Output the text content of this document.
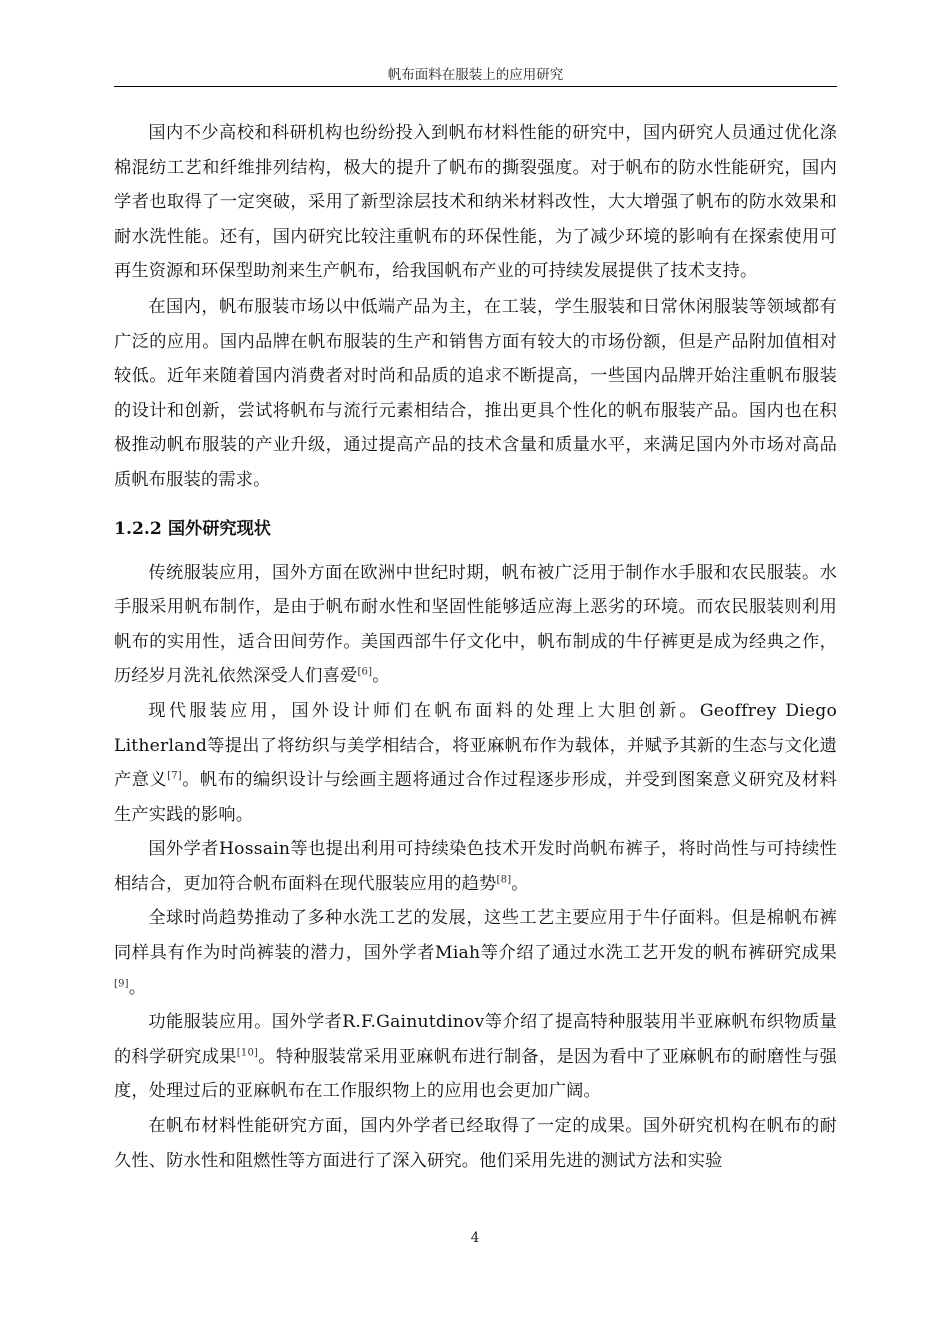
帆布面料在服装上的应用研究

国内不少高校和科研机构也纷纷投入到帆布材料性能的研究中，国内研究人员通过优化涤棉混纺工艺和纤维排列结构，极大的提升了帆布的撕裂强度。对于帆布的防水性能研究，国内学者也取得了一定突破，采用了新型涂层技术和纳米材料改性，大大增强了帆布的防水效果和耐水洗性能。还有，国内研究比较注重帆布的环保性能，为了减少环境的影响有在探索使用可再生资源和环保型助剂来生产帆布，给我国帆布产业的可持续发展提供了技术支持。

在国内，帆布服装市场以中低端产品为主，在工装，学生服装和日常休闲服装等领域都有广泛的应用。国内品牌在帆布服装的生产和销售方面有较大的市场份额，但是产品附加值相对较低。近年来随着国内消费者对时尚和品质的追求不断提高，一些国内品牌开始注重帆布服装的设计和创新，尝试将帆布与流行元素相结合，推出更具个性化的帆布服装产品。国内也在积极推动帆布服装的产业升级，通过提高产品的技术含量和质量水平，来满足国内外市场对高品质帆布服装的需求。

1.2.2 国外研究现状

传统服装应用，国外方面在欧洲中世纪时期，帆布被广泛用于制作水手服和农民服装。水手服采用帆布制作，是由于帆布耐水性和坚固性能够适应海上恶劣的环境。而农民服装则利用帆布的实用性，适合田间劳作。美国西部牛仔文化中，帆布制成的牛仔裤更是成为经典之作，历经岁月洗礼依然深受人们喜爱[6]。

现代服装应用，国外设计师们在帆布面料的处理上大胆创新。Geoffrey Diego Litherland等提出了将纺织与美学相结合，将亚麻帆布作为载体，并赋予其新的生态与文化遗产意义[7]。帆布的编织设计与绘画主题将通过合作过程逐步形成，并受到图案意义研究及材料生产实践的影响。

国外学者Hossain等也提出利用可持续染色技术开发时尚帆布裤子，将时尚性与可持续性相结合，更加符合帆布面料在现代服装应用的趋势[8]。

全球时尚趋势推动了多种水洗工艺的发展，这些工艺主要应用于牛仔面料。但是棉帆布裤同样具有作为时尚裤装的潜力，国外学者Miah等介绍了通过水洗工艺开发的帆布裤研究成果[9]。

功能服装应用。国外学者R.F.Gainutdinov等介绍了提高特种服装用半亚麻帆布织物质量的科学研究成果[10]。特种服装常采用亚麻帆布进行制备，是因为看中了亚麻帆布的耐磨性与强度，处理过后的亚麻帆布在工作服织物上的应用也会更加广阔。

在帆布材料性能研究方面，国内外学者已经取得了一定的成果。国外研究机构在帆布的耐久性、防水性和阻燃性等方面进行了深入研究。他们采用先进的测试方法和实验

4
